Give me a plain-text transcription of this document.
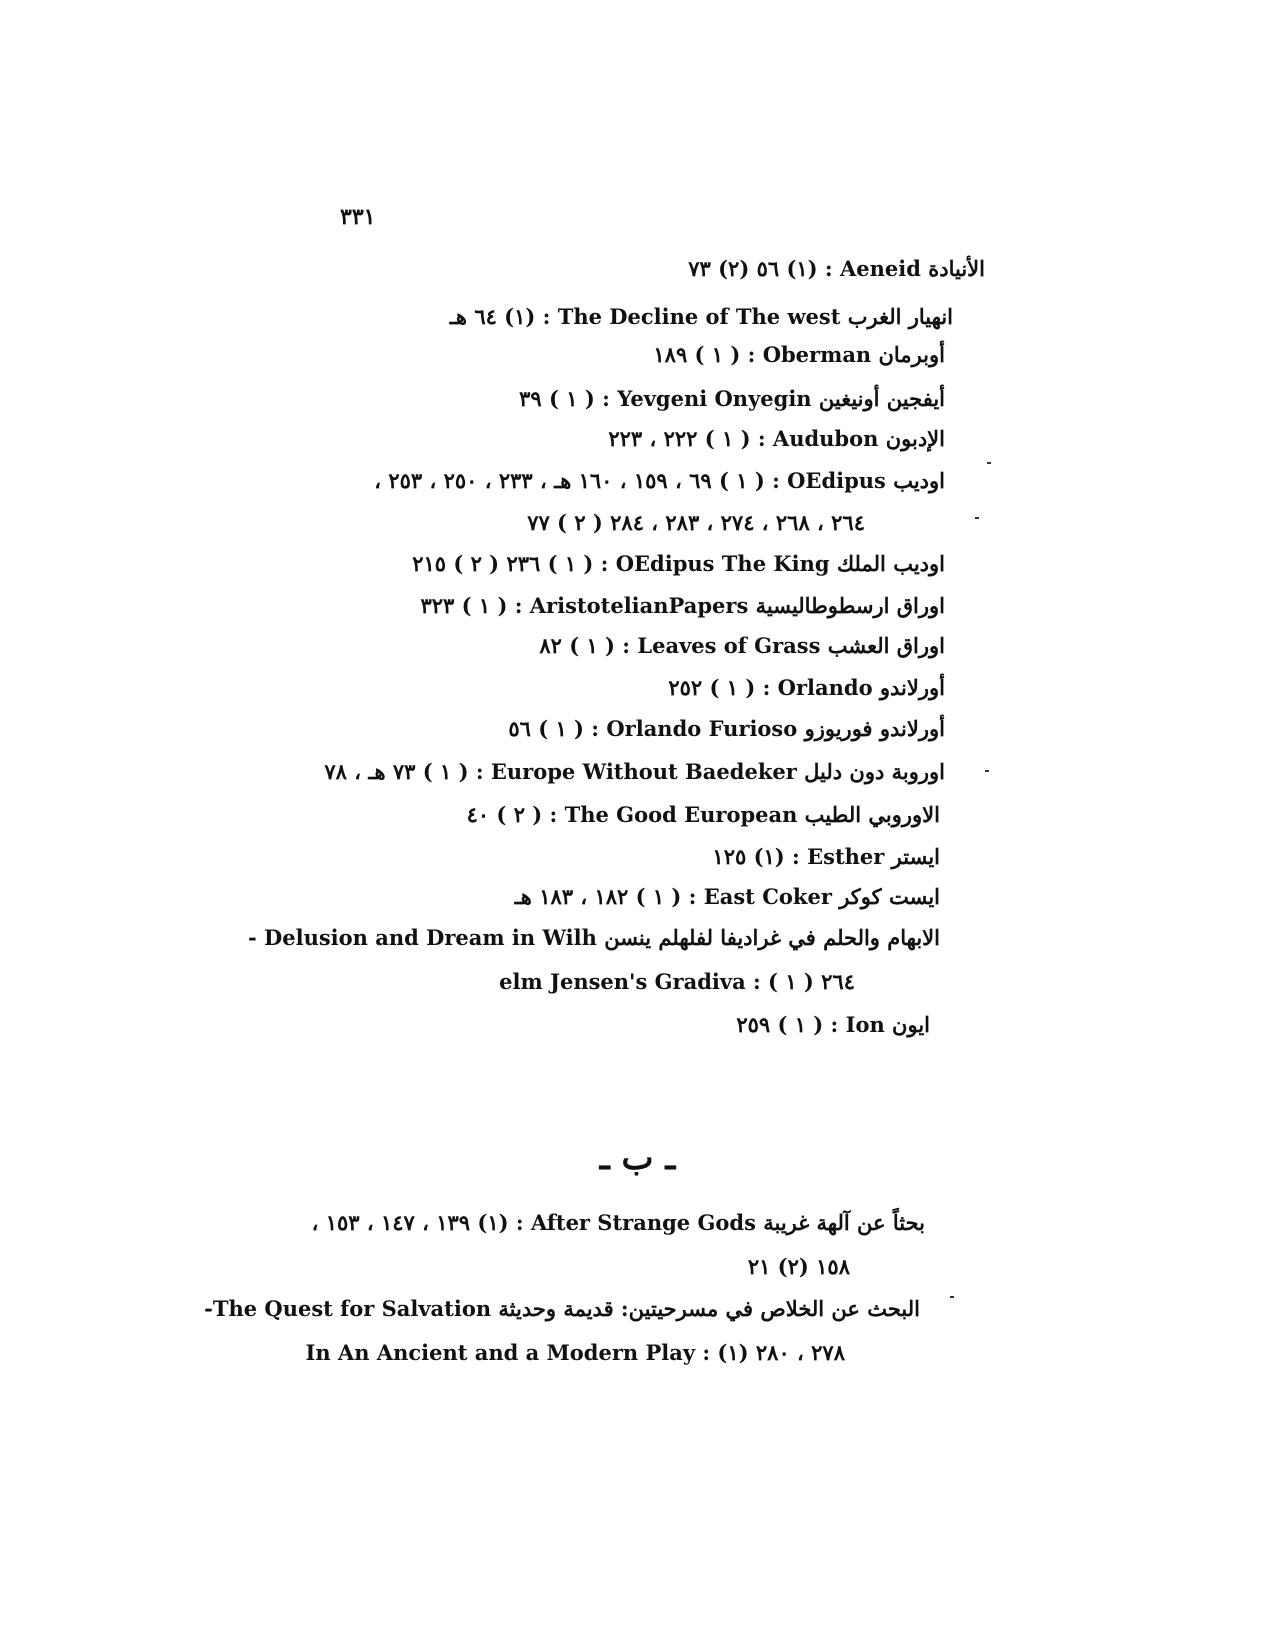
٣٣١
الأنيادة Aeneid : (١) ٥٦ (٢) ٧٣
انهيار الغرب The Decline of The west : (١) ٦٤ هـ
أوبرمان Oberman : ( ١ ) ١٨٩
أيفجين أونيغين Yevgeni Onyegin : ( ١ ) ٣٩
الإدبون Audubon : ( ١ ) ٢٢٢ ، ٢٢٣
اوديب OEdipus : ( ١ ) ٦٩ ، ١٥٩ ، ١٦٠ هـ ، ٢٣٣ ، ٢٥٠ ، ٢٥٣ ،
٢٦٤ ، ٢٦٨ ، ٢٧٤ ، ٢٨٣ ، ٢٨٤ ( ٢ ) ٧٧
اوديب الملك OEdipus The King : ( ١ ) ٢٣٦ ( ٢ ) ٢١٥
اوراق ارسطوطاليسية AristotelianPapers : ( ١ ) ٣٢٣
اوراق العشب Leaves of Grass : ( ١ ) ٨٢
أورلاندو Orlando : ( ١ ) ٢٥٢
أورلاندو فوريوزو Orlando Furioso : ( ١ ) ٥٦
اوروبة دون دليل Europe Without Baedeker : ( ١ ) ٧٣ هـ ، ٧٨
الاوروبي الطيب The Good European : ( ٢ ) ٤٠
ايستر Esther : (١) ١٢٥
ايست كوكر East Coker : ( ١ ) ١٨٢ ، ١٨٣ هـ
الابهام والحلم في غراديفا لفلهلم ينسن Delusion and Dream in Wilh -
elm Jensen's Gradiva : ( ١ ) ٢٦٤
ايون Ion : ( ١ ) ٢٥٩
ـ ب ـ
بحثاً عن آلهة غريبة After Strange Gods : (١) ١٣٩ ، ١٤٧ ، ١٥٣ ،
١٥٨ (٢) ٢١
البحث عن الخلاص في مسرحيتين: قديمة وحديثة The Quest for Salvation-
In An Ancient and a Modern Play : (١) ٢٧٨ ، ٢٨٠
